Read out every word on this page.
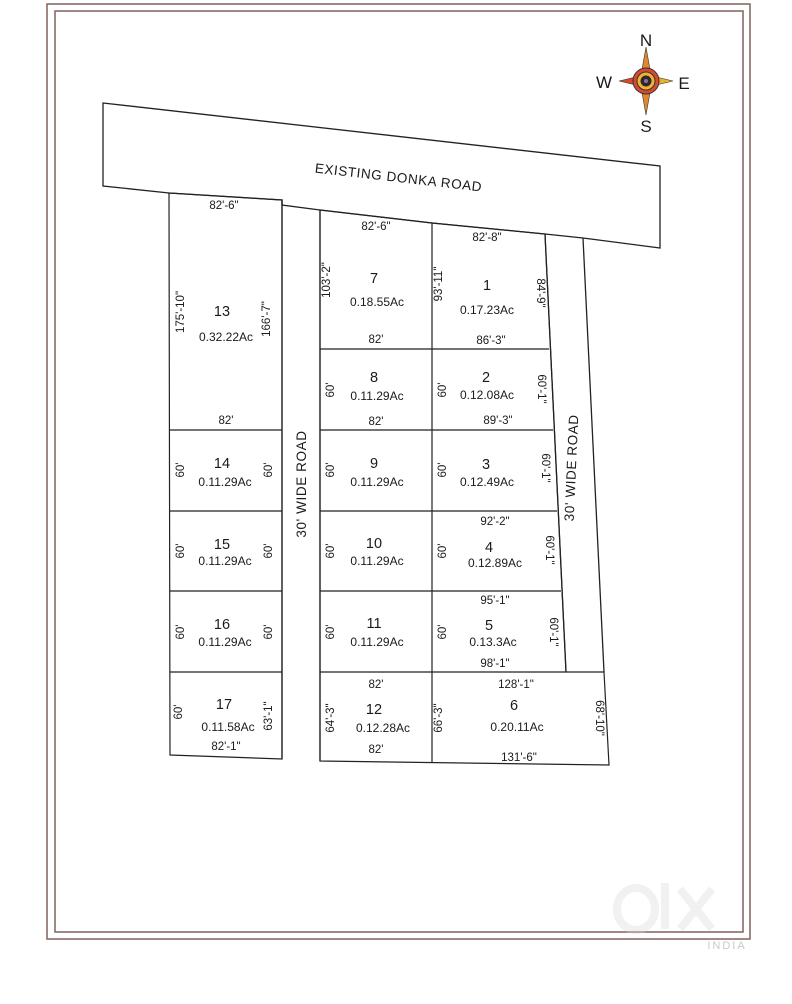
N
S
E
W
EXISTING DONKA ROAD
30' WIDE ROAD	30' WIDE ROAD
13
0.32.22Ac
82'-6"
175'-10"	166'-7"
82'
14
0.11.29Ac
60'	60'
15
0.11.29Ac
60'	60'
16
0.11.29Ac
60'	60'
17
0.11.58Ac
60'	63'-1"
82'-1"
7
0.18.55Ac
82'-6"
103'-2"
82'
8
0.11.29Ac
60'
82'
9
0.11.29Ac
60'
10
0.11.29Ac
60'
11
0.11.29Ac
60'
82'
12
0.12.28Ac
64'-3"
82'
1
0.17.23Ac
82'-8"
93'-11"	84'-9"
86'-3"
2
0.12.08Ac
60'	60'-1"
89'-3"
3
0.12.49Ac
60'	60'-1"
92'-2"
4
0.12.89Ac
60'	60'-1"
95'-1"
5
0.13.3Ac
60'	60'-1"
98'-1"
6
0.20.11Ac
128'-1"
66'-3"	68'-10"
131'-6"
INDIA
